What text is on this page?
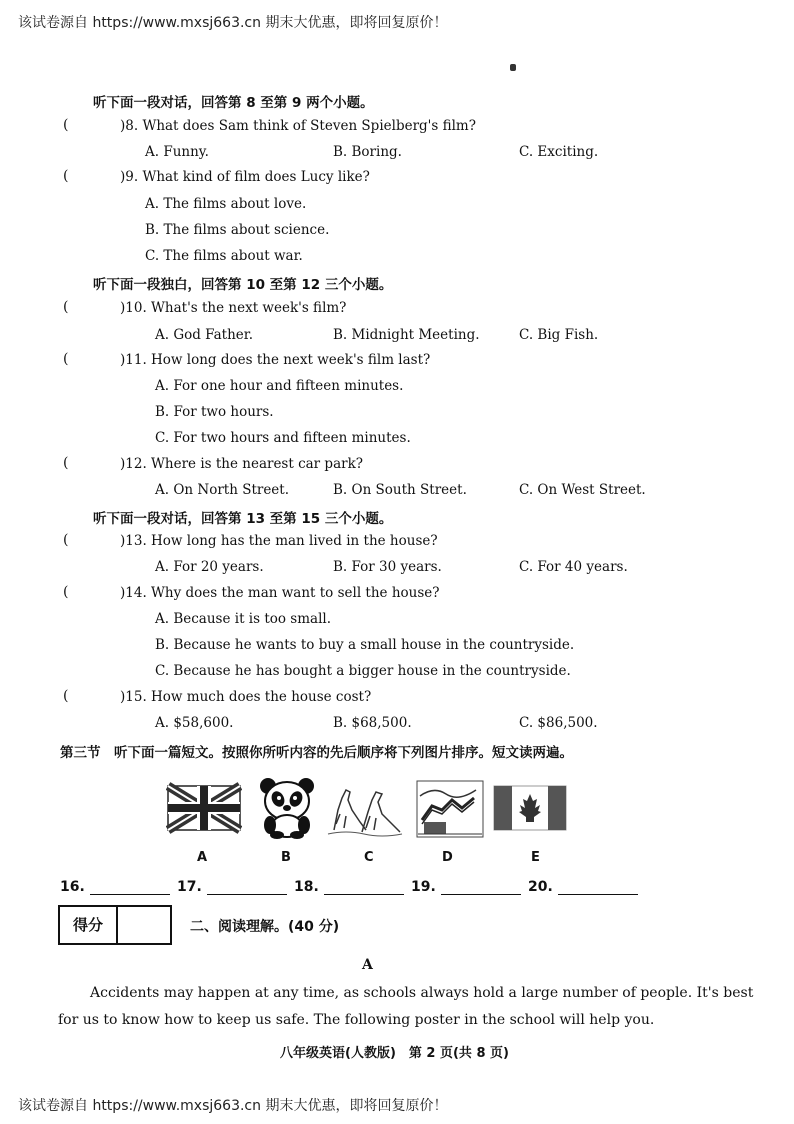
该试卷源自 https://www.mxsj663.cn 期末大优惠，即将回复原价！
听下面一段对话，回答第 8 至第 9 两个小题。
(	)8. What does Sam think of Steven Spielberg's film?
A. Funny.	B. Boring.	C. Exciting.
(	)9. What kind of film does Lucy like?
A. The films about love.
B. The films about science.
C. The films about war.
听下面一段独白，回答第 10 至第 12 三个小题。
(	)10. What's the next week's film?
A. God Father.	B. Midnight Meeting.	C. Big Fish.
(	)11. How long does the next week's film last?
A. For one hour and fifteen minutes.
B. For two hours.
C. For two hours and fifteen minutes.
(	)12. Where is the nearest car park?
A. On North Street.	B. On South Street.	C. On West Street.
听下面一段对话，回答第 13 至第 15 三个小题。
(	)13. How long has the man lived in the house?
A. For 20 years.	B. For 30 years.	C. For 40 years.
(	)14. Why does the man want to sell the house?
A. Because it is too small.
B. Because he wants to buy a small house in the countryside.
C. Because he has bought a bigger house in the countryside.
(	)15. How much does the house cost?
A. $58,600.	B. $68,500.	C. $86,500.
第三节　听下面一篇短文。按照你所听内容的先后顺序将下列图片排序。短文读两遍。
A	B	C	D	E
16.	17.	18.	19.	20.
得分	二、阅读理解。(40 分)
A
Accidents may happen at any time, as schools always hold a large number of people. It's best
for us to know how to keep us safe. The following poster in the school will help you.
八年级英语(人教版)　第 2 页(共 8 页)
该试卷源自 https://www.mxsj663.cn 期末大优惠，即将回复原价！
